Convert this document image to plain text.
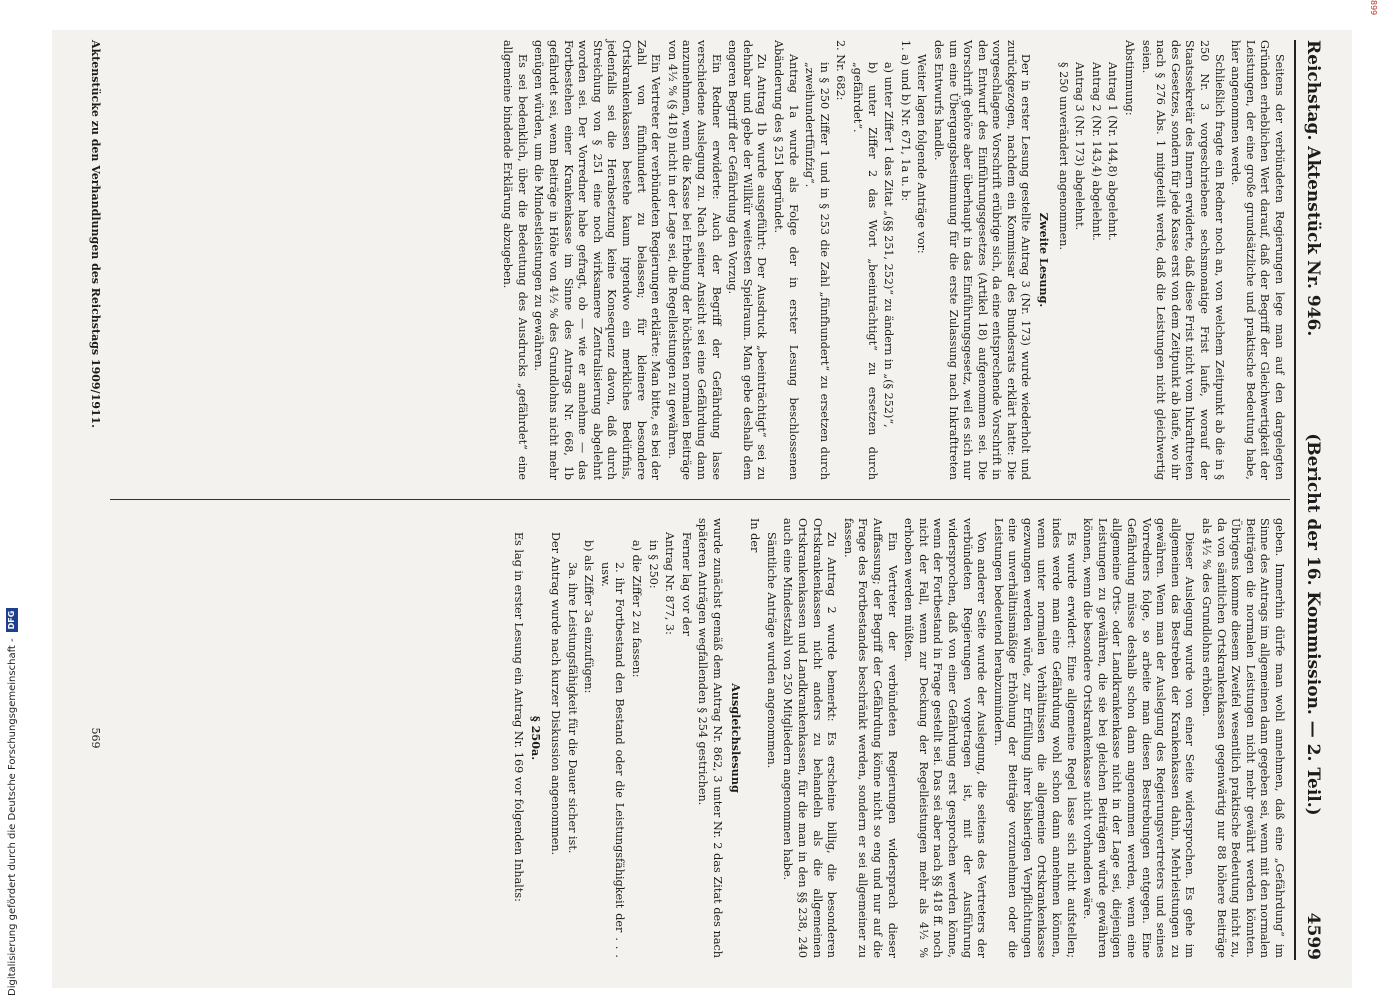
Digitalisierung gefördert durch die Deutsche Forschungsgemeinschaft -
DFG
899
Reichstag. Aktenstück Nr. 946.
(Bericht der 16. Kommission. — 2. Teil.)
4599

Seitens der verbündeten Regierungen lege man auf den dargelegten Gründen erheblichen Wert darauf, daß der Begriff der Gleichwertigkeit der Leistungen, der eine große grundsätzliche und praktische Bedeutung habe, hier angenommen werde.

Schließlich fragte ein Redner noch an, von welchem Zeitpunkt ab die in § 250 Nr. 3 vorgeschriebene sechsmonatige Frist laufe, worauf der Staatssekretär des Innern erwiderte, daß diese Frist nicht vom Inkrafttreten des Gesetzes, sondern für jede Kasse erst von dem Zeitpunkt ab laufe, wo ihr nach § 276 Abs. 1 mitgeteilt werde, daß die Leistungen nicht gleichwertig seien.

Abstimmung:

Antrag 1 (Nr. 144,8) abgelehnt.

Antrag 2 (Nr. 143,4) abgelehnt.

Antrag 3 (Nr. 173) abgelehnt.

§ 250 unverändert angenommen.

Zweite Lesung.

Der in erster Lesung gestellte Antrag 3 (Nr. 173) wurde wiederholt und zurückgezogen, nachdem ein Kommissar des Bundesrats erklärt hatte: Die vorgeschlagene Vorschrift erübrige sich, da eine entsprechende Vorschrift in den Entwurf des Einführungsgesetzes (Artikel 18) aufgenommen sei. Die Vorschrift gehöre aber überhaupt in das Einführungsgesetz, weil es sich nur um eine Übergangsbestimmung für die erste Zulassung nach Inkrafttreten des Entwurfs handle.

Weiter lagen folgende Anträge vor:

1. a) und b) Nr. 671, 1a u. b:

a) unter Ziffer 1 das Zitat „(§§ 251, 252)“ zu ändern in „(§ 252)“,

b) unter Ziffer 2 das Wort „beeinträchtigt“ zu ersetzen durch „gefährdet“.

2. Nr. 682:

in § 250 Ziffer 1 und in § 253 die Zahl „fünfhundert“ zu ersetzen durch „zweihundertfünfzig“.

Antrag 1a wurde als Folge der in erster Lesung beschlossenen Abänderung des § 251 begründet.

Zu Antrag 1b wurde ausgeführt: Der Ausdruck „beeinträchtigt“ sei zu dehnbar und gebe der Willkür weitesten Spielraum. Man gebe deshalb dem engeren Begriff der Gefährdung den Vorzug.

Ein Redner erwiderte: Auch der Begriff der Gefährdung lasse verschiedene Auslegung zu. Nach seiner Ansicht sei eine Gefährdung dann anzunehmen, wenn die Kasse bei Erhebung der höchsten normalen Beiträge von 4½ % (§ 418) nicht in der Lage sei, die Regelleistungen zu gewähren.

Ein Vertreter der verbündeten Regierungen erklärte: Man bitte, es bei der Zahl von fünfhundert zu belassen; für kleinere besondere Ortskrankenkassen bestehe kaum irgendwo ein merkliches Bedürfnis, jedenfalls sei die Herabsetzung keine Konsequenz davon, daß durch Streichung von § 251 eine noch wirksamere Zentralisierung abgelehnt worden sei. Der Vorredner habe gefragt, ob — wie er annehme — das Fortbestehen einer Krankenkasse im Sinne des Antrags Nr. 668, 1b gefährdet sei, wenn Beiträge in Höhe von 4½ % des Grundlohns nicht mehr genügen würden, um die Mindestleistungen zu gewähren.

Es sei bedenklich, über die Bedeutung des Ausdrucks „gefährdet“ eine allgemeine bindende Erklärung abzugeben.

geben. Immerhin dürfe man wohl annehmen, daß eine „Gefährdung“ im Sinne des Antrags im allgemeinen dann gegeben sei, wenn mit den normalen Beiträgen die normalen Leistungen nicht mehr gewährt werden könnten. Übrigens komme diesem Zweifel wesentlich praktische Bedeutung nicht zu, da von sämtlichen Ortskrankenkassen gegenwärtig nur 88 höhere Beiträge als 4½ % des Grundlohns erhöben.

Dieser Auslegung wurde von einer Seite widersprochen. Es gehe im allgemeinen das Bestreben der Krankenkassen dahin, Mehrleistungen zu gewähren. Wenn man der Auslegung des Regierungsvertreters und seines Vorredners folge, so arbeite man diesen Bestrebungen entgegen. Eine Gefährdung müsse deshalb schon dann angenommen werden, wenn eine allgemeine Orts- oder Landkrankenkasse nicht in der Lage sei, diejenigen Leistungen zu gewähren, die sie bei gleichen Beiträgen würde gewähren können, wenn die besondere Ortskrankenkasse nicht vorhanden wäre.

Es wurde erwidert: Eine allgemeine Regel lasse sich nicht aufstellen; indes werde man eine Gefährdung wohl schon dann annehmen können, wenn unter normalen Verhältnissen die allgemeine Ortskrankenkasse gezwungen werden würde, zur Erfüllung ihrer bisherigen Verpflichtungen eine unverhältnismäßige Erhöhung der Beiträge vorzunehmen oder die Leistungen bedeutend herabzumindern.

Von anderer Seite wurde der Auslegung, die seitens des Vertreters der verbündeten Regierungen vorgetragen ist, mit der Ausführung widersprochen, daß von einer Gefährdung erst gesprochen werden könne, wenn der Fortbestand in Frage gestellt sei. Das sei aber nach §§ 418 ff. noch nicht der Fall, wenn zur Deckung der Regelleistungen mehr als 4½ % erhoben werden müßten.

Ein Vertreter der verbündeten Regierungen widersprach dieser Auffassung; der Begriff der Gefährdung könne nicht so eng und nur auf die Frage des Fortbestandes beschränkt werden, sondern er sei allgemeiner zu fassen.

Zu Antrag 2 wurde bemerkt: Es erscheine billig, die besonderen Ortskrankenkassen nicht anders zu behandeln als die allgemeinen Ortskrankenkassen und Landkrankenkassen, für die man in den §§ 238, 240 auch eine Mindestzahl von 250 Mitgliedern angenommen habe.

Sämtliche Anträge wurden angenommen.

In der

Ausgleichslesung

wurde zunächst gemäß dem Antrag Nr. 862, 3 unter Nr. 2 das Zitat des nach späteren Anträgen wegfallenden § 254 gestrichen.

Ferner lag vor der

Antrag Nr. 877, 3:

in § 250:

a) die Ziffer 2 zu fassen:

2. ihr Fortbestand den Bestand oder die Leistungsfähigkeit der . . . usw.

b) als Ziffer 3a einzufügen:

3a. ihre Leistungsfähigkeit für die Dauer sicher ist.

Der Antrag wurde nach kurzer Diskussion angenommen.

§ 250a.

Es lag in erster Lesung ein Antrag Nr. 169 vor folgenden Inhalts:

Aktenstücke zu den Verhandlungen des Reichstags 1909/1911.
569
